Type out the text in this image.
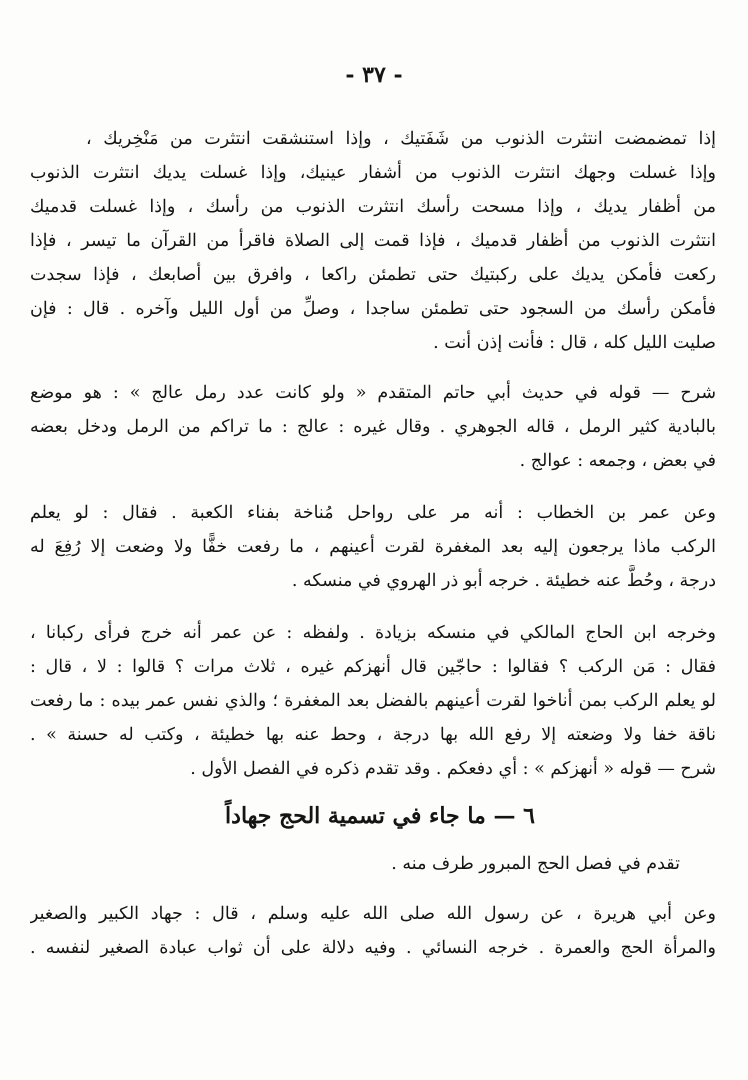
- ٣٧ -
إذا تمضمضت انتثرت الذنوب من شَفَتيك ، وإذا استنشقت انتثرت من مَنْخِريك ،
وإذا غسلت وجهك انتثرت الذنوب من أشفار عينيك، وإذا غسلت يديك انتثرت الذنوب
من أظفار يديك ، وإذا مسحت رأسك انتثرت الذنوب من رأسك ، وإذا غسلت قدميك
انتثرت الذنوب من أظفار قدميك ، فإذا قمت إلى الصلاة فاقرأ من القرآن ما تيسر ، فإذا
ركعت فأمكن يديك على ركبتيك حتى تطمئن راكعا ، وافرق بين أصابعك ، فإذا سجدت
فأمكن رأسك من السجود حتى تطمئن ساجدا ، وصلِّ من أول الليل وآخره . قال : فإن
صليت الليل كله ، قال : فأنت إذن أنت .
شرح — قوله في حديث أبي حاتم المتقدم « ولو كانت عدد رمل عالج » : هو موضع
بالبادية كثير الرمل ، قاله الجوهري . وقال غيره : عالج : ما تراكم من الرمل ودخل بعضه
في بعض ، وجمعه : عوالج .
وعن عمر بن الخطاب : أنه مر على رواحل مُناخة بفناء الكعبة . فقال : لو يعلم
الركب ماذا يرجعون إليه بعد المغفرة لقرت أعينهم ، ما رفعت خفًّا ولا وضعت إلا رُفِعَ له
درجة ، وحُطَّ عنه خطيئة . خرجه أبو ذر الهروي في منسكه .
وخرجه ابن الحاج المالكي في منسكه بزيادة . ولفظه : عن عمر أنه خرج فرأى ركبانا ،
فقال : مَن الركب ؟ فقالوا : حاجّين قال أنهزكم غيره ، ثلاث مرات ؟ قالوا : لا ، قال :
لو يعلم الركب بمن أناخوا لقرت أعينهم بالفضل بعد المغفرة ؛ والذي نفس عمر بيده : ما رفعت
ناقة خفا ولا وضعته إلا رفع الله بها درجة ، وحط عنه بها خطيئة ، وكتب له حسنة » .
شرح — قوله « أنهزكم » : أي دفعكم . وقد تقدم ذكره في الفصل الأول .
٦ — ما جاء في تسمية الحج جهاداً
تقدم في فصل الحج المبرور طرف منه .
وعن أبي هريرة ، عن رسول الله صلى الله عليه وسلم ، قال : جهاد الكبير والصغير
والمرأة الحج والعمرة . خرجه النسائي . وفيه دلالة على أن ثواب عبادة الصغير لنفسه .
